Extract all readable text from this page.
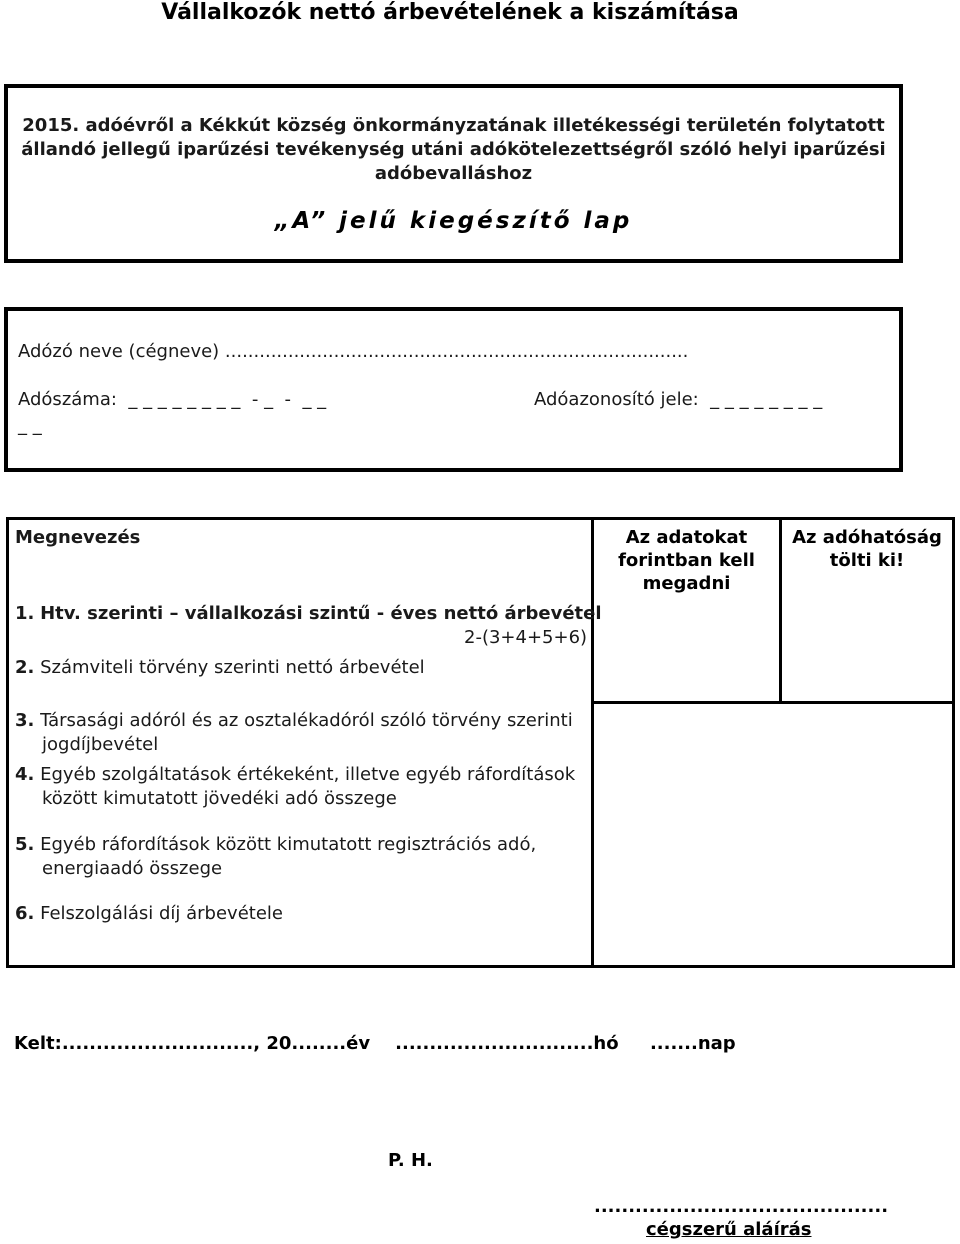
Vállalkozók nettó árbevételének a kiszámítása
2015. adóévről a Kékkút község önkormányzatának illetékességi területén folytatott
állandó jellegű iparűzési tevékenység utáni adókötelezettségről szóló helyi iparűzési
adóbevalláshoz
„A” jelű kiegészítő lap
Adózó neve (cégneve) .................................................................................
Adószáma:  _ _ _ _ _ _ _ _  - _  -  _ _
_ _
Adóazonosító jele:  _ _ _ _ _ _ _ _
Megnevezés	Az adatokat
forintban kell
megadni
Az adóhatóság
tölti ki!
1. Htv. szerinti – vállalkozási szintű - éves nettó árbevétel
2-(3+4+5+6)
2. Számviteli törvény szerinti nettó árbevétel
3. Társasági adóról és az osztalékadóról szóló törvény szerinti
jogdíjbevétel
4. Egyéb szolgáltatások értékeként, illetve egyéb ráfordítások
között kimutatott jövedéki adó összege
5. Egyéb ráfordítások között kimutatott regisztrációs adó,
energiaadó összege
6. Felszolgálási díj árbevétele
Kelt:............................, 20........év    .............................hó     .......nap
P. H.
...........................................
cégszerű aláírás
